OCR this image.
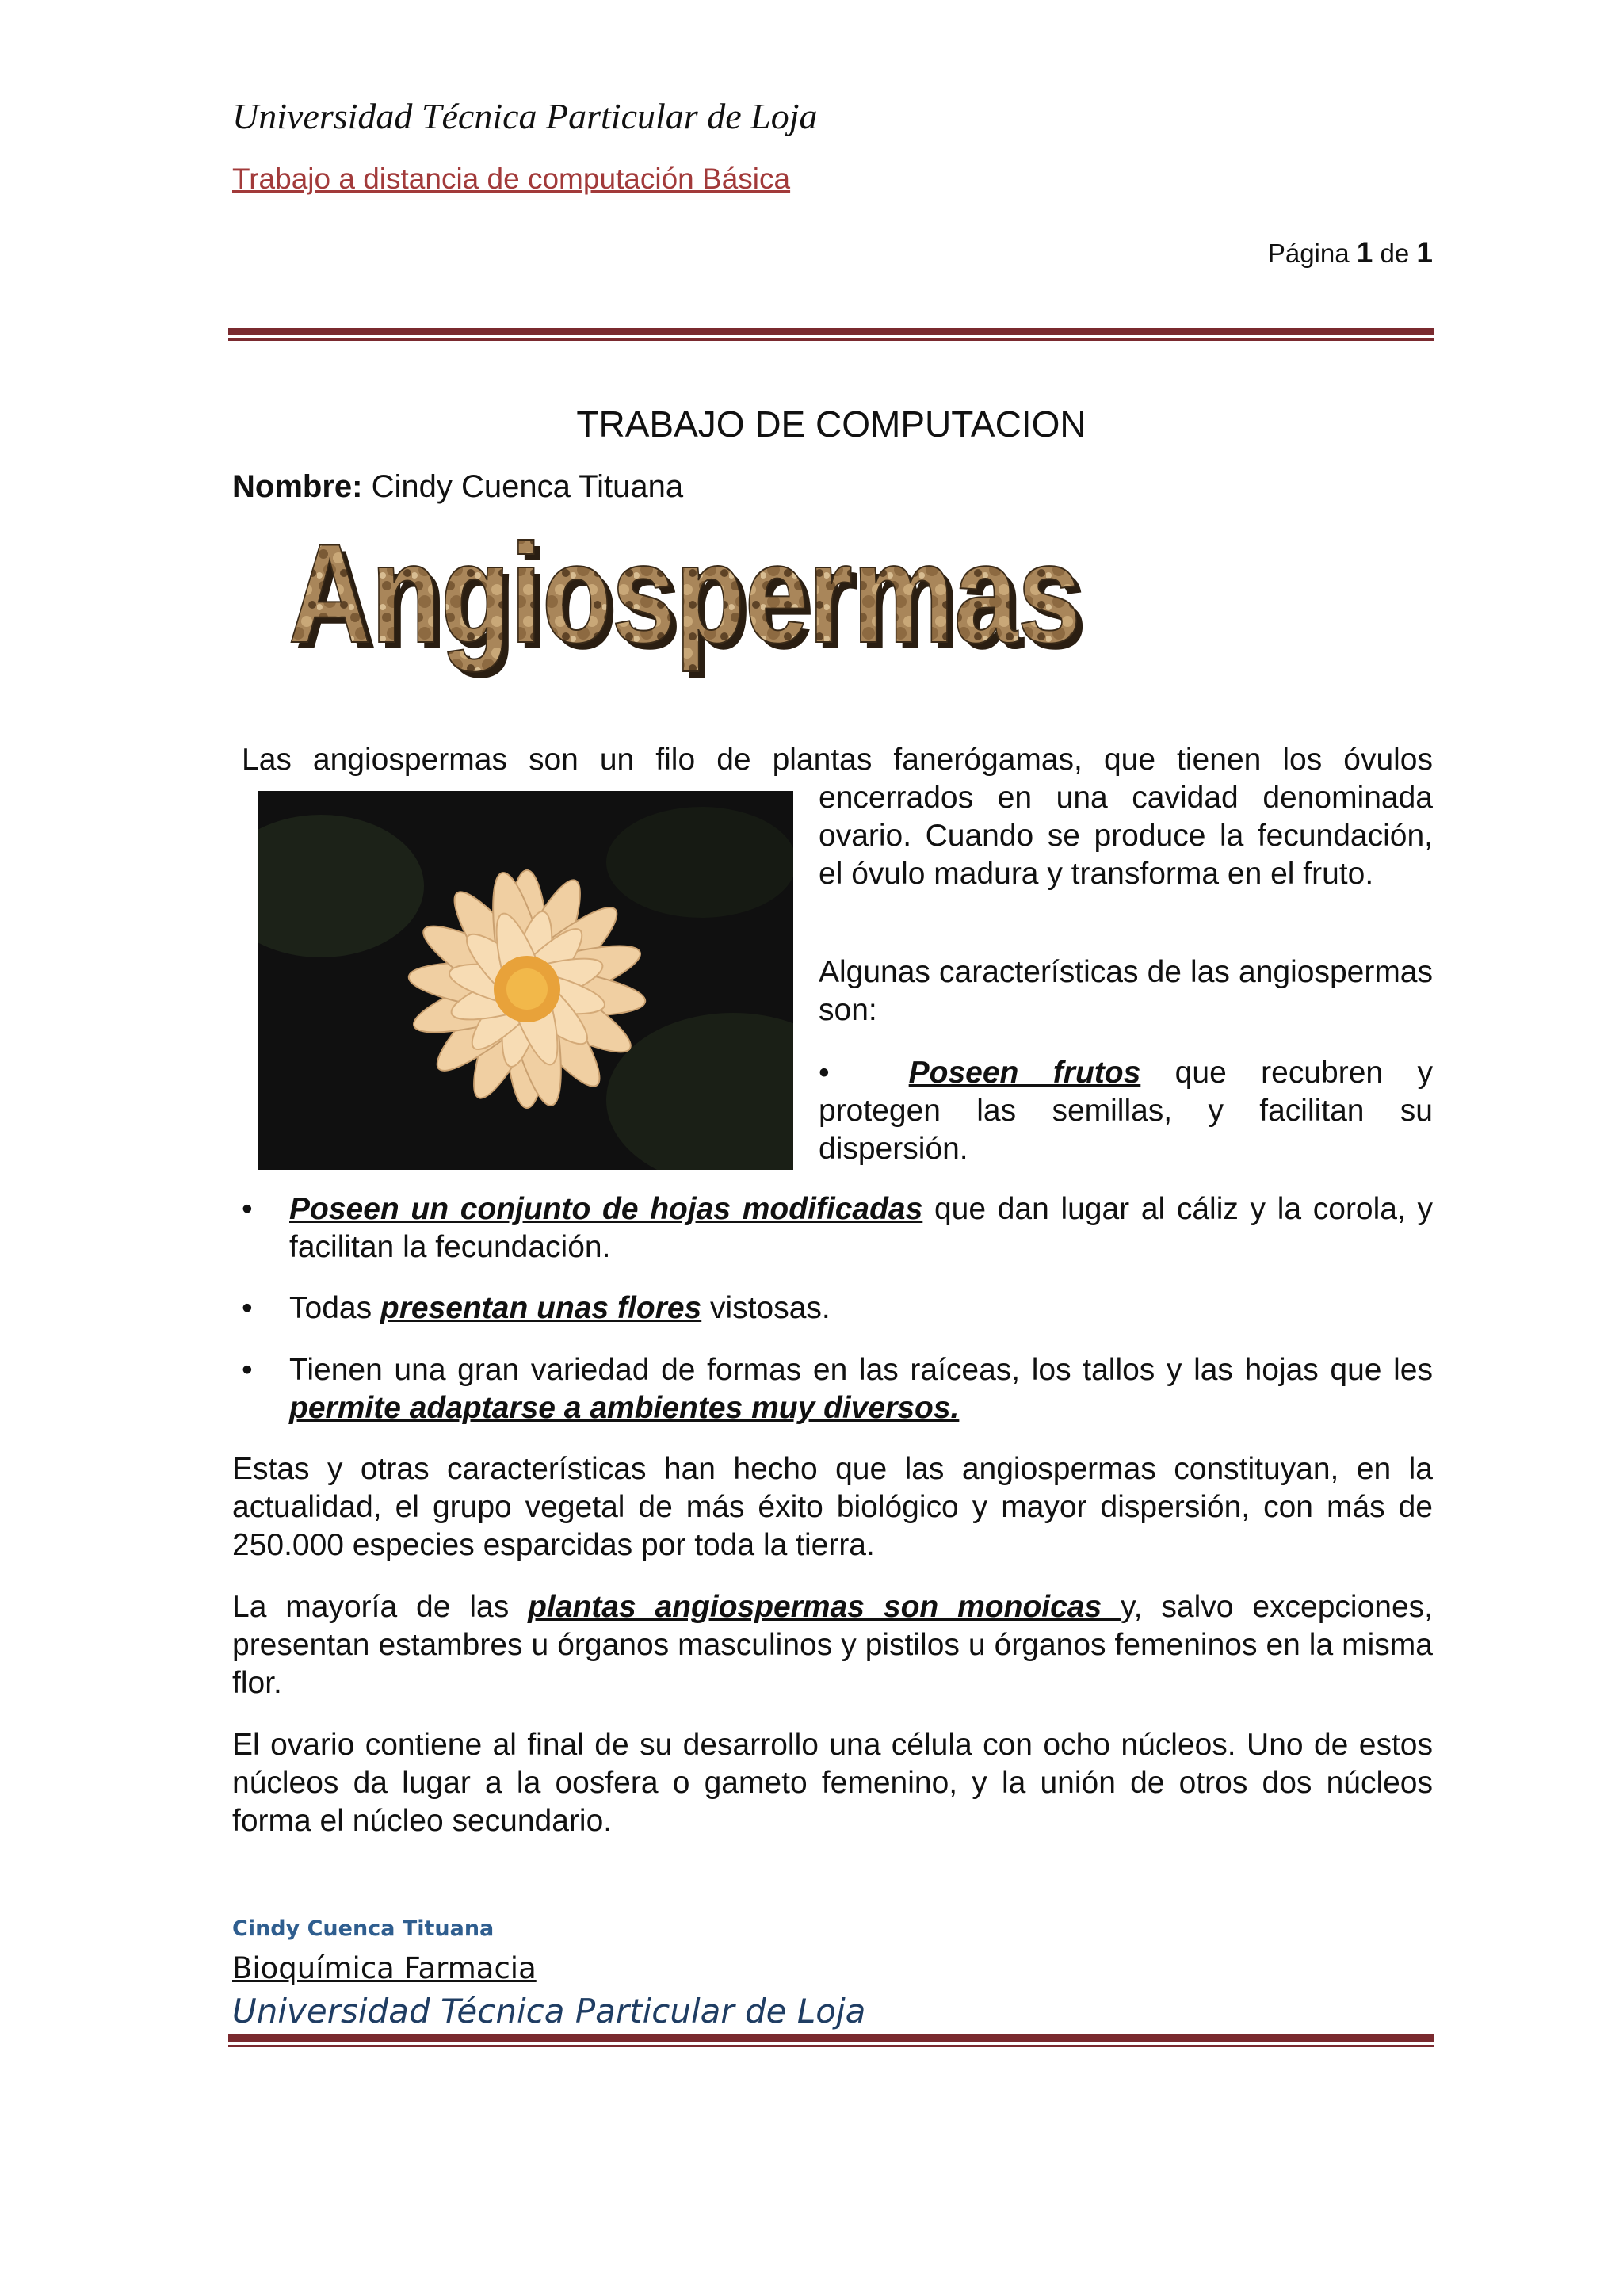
Universidad Técnica Particular de Loja
Trabajo a distancia de computación Básica
Página 1 de 1
TRABAJO DE COMPUTACION
Nombre: Cindy Cuenca Tituana
Angiospermas
Angiospermas
Las angiospermas son un filo de plantas fanerógamas, que tienen los óvulos
encerrados en una cavidad denominada ovario. Cuando se produce la fecundación, el óvulo madura y transforma en el fruto.
Algunas características de las angiospermas son:
•	Poseen frutos que recubren y protegen las semillas, y facilitan su dispersión.
• Poseen un conjunto de hojas modificadas que dan lugar al cáliz y la corola, y facilitan la fecundación.
• Todas presentan unas flores vistosas.
• Tienen una gran variedad de formas en las raíceas, los tallos y las hojas que les permite adaptarse a ambientes muy diversos.
Estas y otras características han hecho que las angiospermas constituyan, en la actualidad, el grupo vegetal de más éxito biológico y mayor dispersión, con más de 250.000 especies esparcidas por toda la tierra.
La mayoría de las plantas angiospermas son monoicas y, salvo excepciones, presentan estambres u órganos masculinos y pistilos u órganos femeninos en la misma flor.
El ovario contiene al final de su desarrollo una célula con ocho núcleos. Uno de estos núcleos da lugar a la oosfera o gameto femenino, y la unión de otros dos núcleos forma el núcleo secundario.
Cindy Cuenca Tituana
Bioquímica Farmacia
Universidad Técnica Particular de Loja
